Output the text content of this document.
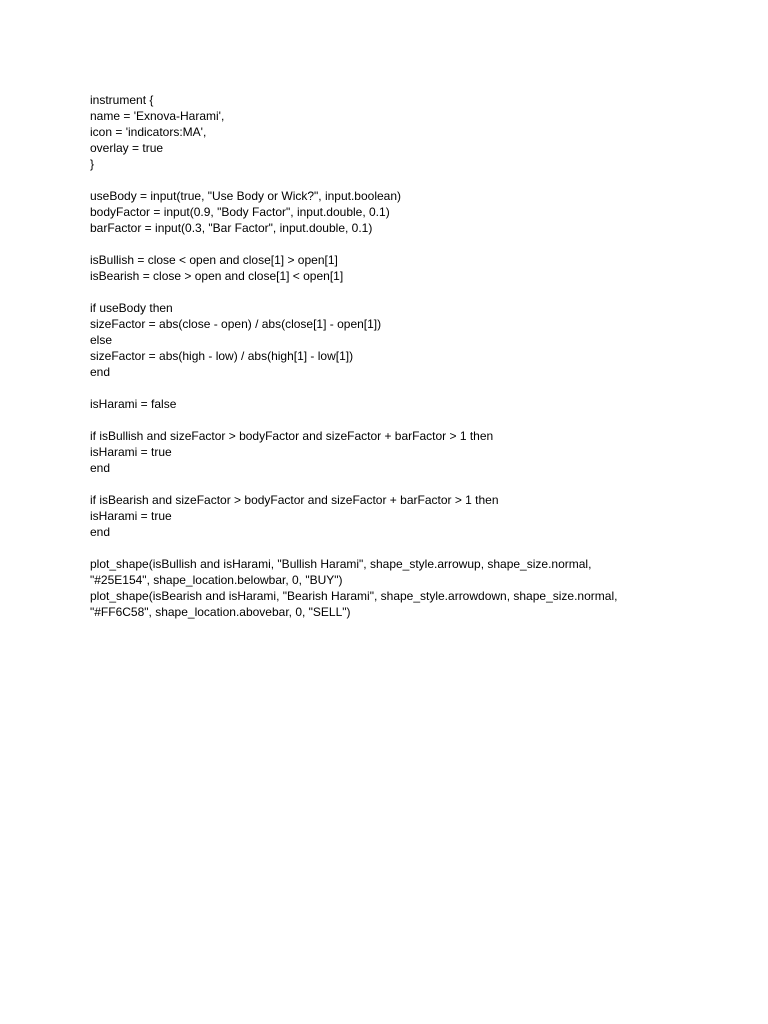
instrument {
name = 'Exnova-Harami',
icon = 'indicators:MA',
overlay = true
}
useBody = input(true, "Use Body or Wick?", input.boolean)
bodyFactor = input(0.9, "Body Factor", input.double, 0.1)
barFactor = input(0.3, "Bar Factor", input.double, 0.1)
isBullish = close < open and close[1] > open[1]
isBearish = close > open and close[1] < open[1]
if useBody then
sizeFactor = abs(close - open) / abs(close[1] - open[1])
else
sizeFactor = abs(high - low) / abs(high[1] - low[1])
end
isHarami = false
if isBullish and sizeFactor > bodyFactor and sizeFactor + barFactor > 1 then
isHarami = true
end
if isBearish and sizeFactor > bodyFactor and sizeFactor + barFactor > 1 then
isHarami = true
end
plot_shape(isBullish and isHarami, "Bullish Harami", shape_style.arrowup, shape_size.normal,
"#25E154", shape_location.belowbar, 0, "BUY")
plot_shape(isBearish and isHarami, "Bearish Harami", shape_style.arrowdown, shape_size.normal,
"#FF6C58", shape_location.abovebar, 0, "SELL")
